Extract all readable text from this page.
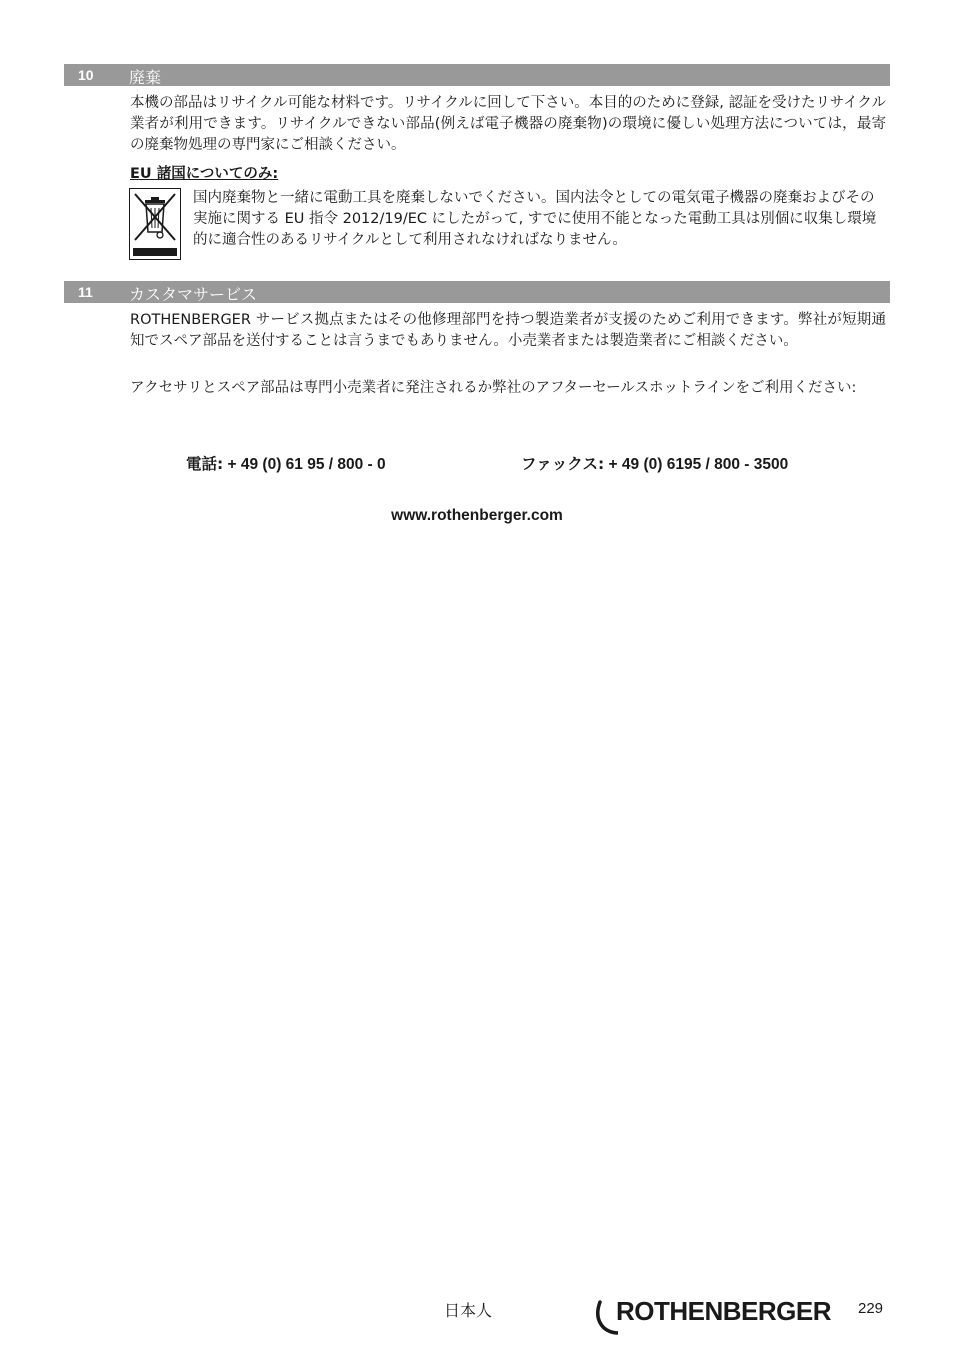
10 廃棄

本機の部品はリサイクル可能な材料です。リサイクルに回して下さい。本目的のために登録, 認証を受けたリサイクル業者が利用できます。リサイクルできない部品(例えば電子機器の廃棄物)の環境に優しい処理方法については，最寄の廃棄物処理の専門家にご相談ください。

EU 諸国についてのみ:

国内廃棄物と一緒に電動工具を廃棄しないでください。国内法令としての電気電子機器の廃棄およびその実施に関する EU 指令 2012/19/EC にしたがって, すでに使用不能となった電動工具は別個に収集し環境的に適合性のあるリサイクルとして利用されなければなりません。

11 カスタマサービス

ROTHENBERGER サービス拠点またはその他修理部門を持つ製造業者が支援のためご利用できます。弊社が短期通知でスペア部品を送付することは言うまでもありません。小売業者または製造業者にご相談ください。

アクセサリとスペア部品は専門小売業者に発注されるか弊社のアフターセールスホットラインをご利用ください:

電話: + 49 (0) 61 95 / 800 - 0	ファックス: + 49 (0) 6195 / 800 - 3500
www.rothenberger.com
日本人	ROTHENBERGER 229
